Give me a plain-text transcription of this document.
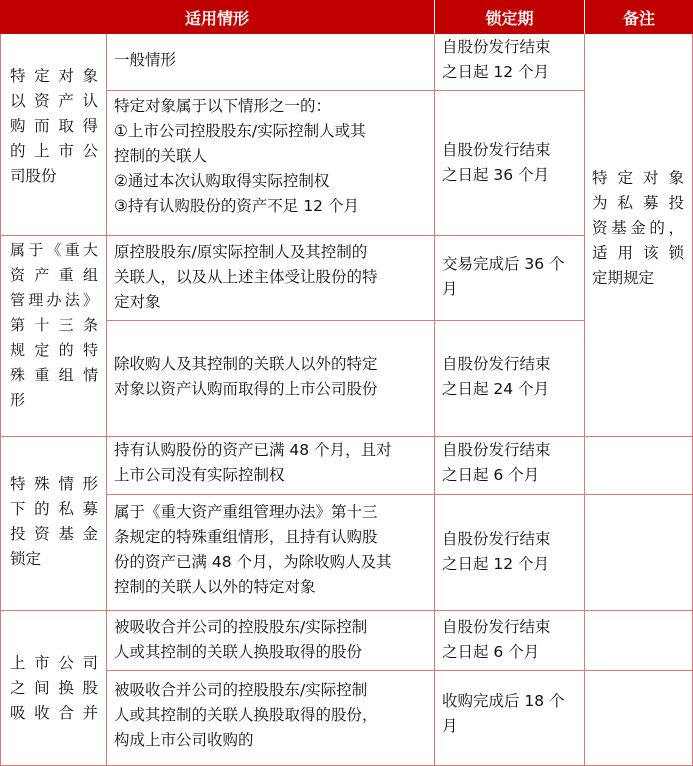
适用情形	锁定期	备注
特定对象
以资产认
购而取得
的上市公
司股份
一般情形
自股份发行结束
之日起 12 个月
特定对象属于以下情形之一的：
①上市公司控股股东/实际控制人或其
控制的关联人
②通过本次认购取得实际控制权
③持有认购股份的资产不足 12 个月
自股份发行结束
之日起 36 个月
属于《重大
资产重组
管理办法》
第十三条
规定的特
殊重组情
形
原控股股东/原实际控制人及其控制的
关联人，以及从上述主体受让股份的特
定对象
交易完成后 36 个
月
除收购人及其控制的关联人以外的特定
对象以资产认购而取得的上市公司股份
自股份发行结束
之日起 24 个月
特殊情形
下的私募
投资基金
锁定
持有认购股份的资产已满 48 个月，且对
上市公司没有实际控制权
自股份发行结束
之日起 6 个月
属于《重大资产重组管理办法》第十三
条规定的特殊重组情形，且持有认购股
份的资产已满 48 个月，为除收购人及其
控制的关联人以外的特定对象
自股份发行结束
之日起 12 个月
上市公司
之间换股
吸收合并
被吸收合并公司的控股股东/实际控制
人或其控制的关联人换股取得的股份
自股份发行结束
之日起 6 个月
被吸收合并公司的控股股东/实际控制
人或其控制的关联人换股取得的股份，
构成上市公司收购的
收购完成后 18 个
月
特定对象
为私募投
资基金的，
适用该锁
定期规定
